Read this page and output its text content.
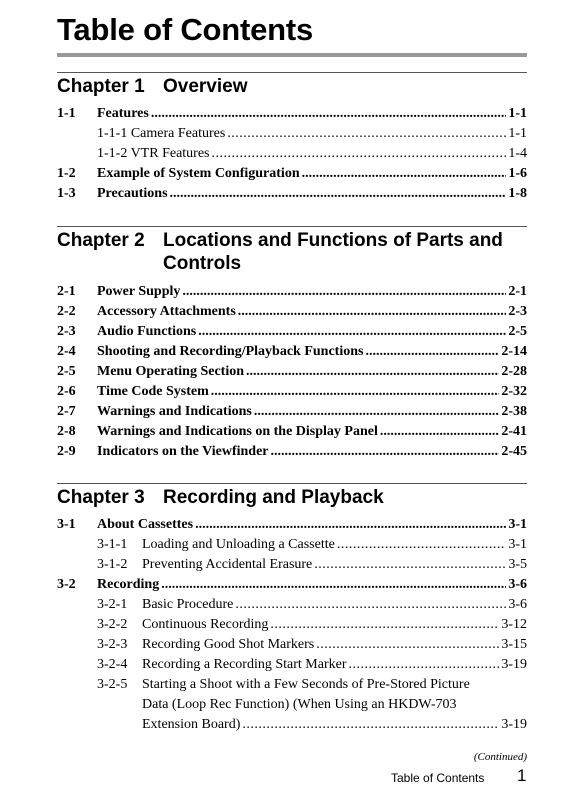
Table of Contents
Chapter 1 Overview
1-1 Features .....	1-1
1-1-1 Camera Features . . .	1-1
1-1-2 VTR Features . . .	1-4
1-2 Example of System Configuration .....	1-6
1-3 Precautions .....	1-8
Chapter 2 Locations and Functions of Parts and Controls
2-1 Power Supply .....	2-1
2-2 Accessory Attachments .....	2-3
2-3 Audio Functions .....	2-5
2-4 Shooting and Recording/Playback Functions .....	2-14
2-5 Menu Operating Section .....	2-28
2-6 Time Code System .....	2-32
2-7 Warnings and Indications .....	2-38
2-8 Warnings and Indications on the Display Panel .....	2-41
2-9 Indicators on the Viewfinder .....	2-45
Chapter 3 Recording and Playback
3-1 About Cassettes .....	3-1
3-1-1 Loading and Unloading a Cassette . . .	3-1
3-1-2 Preventing Accidental Erasure . . .	3-5
3-2 Recording .....	3-6
3-2-1 Basic Procedure . . .	3-6
3-2-2 Continuous Recording . . .	3-12
3-2-3 Recording Good Shot Markers . . .	3-15
3-2-4 Recording a Recording Start Marker . . .	3-19
3-2-5 Starting a Shoot with a Few Seconds of Pre-Stored Picture
Data (Loop Rec Function) (When Using an HKDW-703
Extension Board) . . .	3-19
(Continued)
Table of Contents 1
